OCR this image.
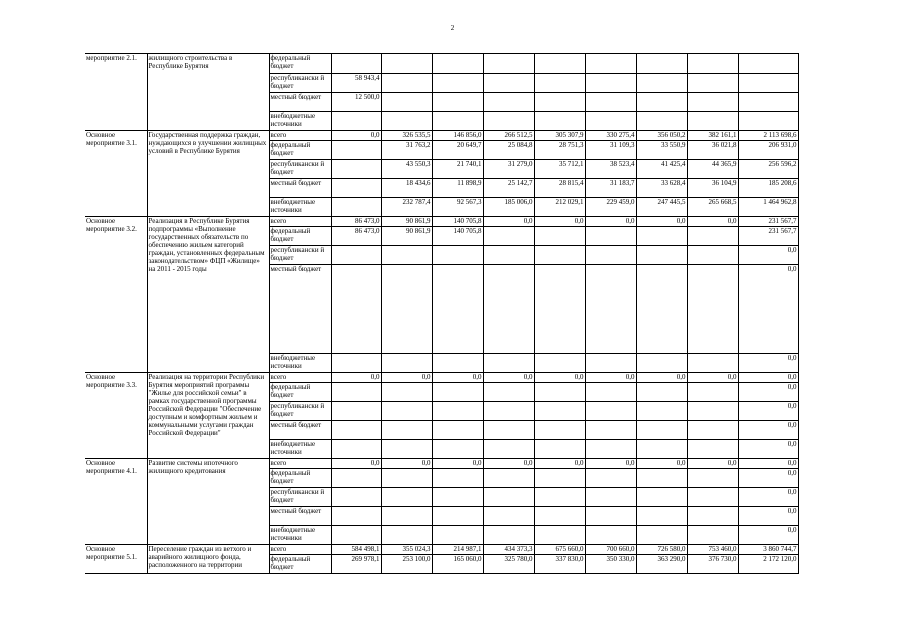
2
мероприятие 2.1.	жилищного строительства в Республике Бурятия	федеральный бюджет									
		республикански й бюджет	58 943,4								
		местный бюджет	12 500,0								
		внебюджетные источники									
Основное мероприятие 3.1.	Государственная поддержка граждан, нуждающихся в улучшении жилищных условий в Республике Бурятия	всего	0,0	326 535,5	146 856,0	266 512,5	305 307,9	330 275,4	356 050,2	382 161,1	2 113 698,6
		федеральный бюджет		31 763,2	20 649,7	25 084,8	28 751,3	31 109,3	33 550,9	36 021,8	206 931,0
		республикански й бюджет		43 550,3	21 740,1	31 279,0	35 712,1	38 523,4	41 425,4	44 365,9	256 596,2
		местный бюджет		18 434,6	11 898,9	25 142,7	28 815,4	31 183,7	33 628,4	36 104,9	185 208,6
		внебюджетные источники		232 787,4	92 567,3	185 006,0	212 029,1	229 459,0	247 445,5	265 668,5	1 464 962,8
Основное мероприятие 3.2.	Реализация в Республике Бурятия подпрограммы «Выполнение государственных обязательств по обеспечению жильем категорий граждан, установленных федеральным законодательством» ФЦП «Жилище» на 2011 - 2015 годы	всего	86 473,0	90 861,9	140 705,8	0,0	0,0	0,0	0,0	0,0	231 567,7
		федеральный бюджет	86 473,0	90 861,9	140 705,8						231 567,7
		республикански й бюджет									0,0
		местный бюджет									0,0
		внебюджетные источники									0,0
Основное мероприятие 3.3.	Реализация на территории Республики Бурятия мероприятий программы "Жилье для российской семьи" в рамках государственной программы Российской Федерации "Обеспечение доступным и комфортным жильем и коммунальными услугами граждан Российской Федерации"	всего	0,0	0,0	0,0	0,0	0,0	0,0	0,0	0,0	0,0
		федеральный бюджет									0,0
		республикански й бюджет									0,0
		местный бюджет									0,0
		внебюджетные источники									0,0
Основное мероприятие 4.1.	Развитие системы ипотечного жилищного кредитования	всего	0,0	0,0	0,0	0,0	0,0	0,0	0,0	0,0	0,0
		федеральный бюджет									0,0
		республикански й бюджет									0,0
		местный бюджет									0,0
		внебюджетные источники									0,0
Основное мероприятие 5.1.	Переселение граждан из ветхого и аварийного жилищного фонда, расположенного на территории	всего	584 498,1	355 024,3	214 987,1	434 373,3	675 660,0	700 660,0	726 580,0	753 460,0	3 860 744,7
		федеральный бюджет	269 978,1	253 100,0	165 060,0	325 780,0	337 830,0	350 330,0	363 290,0	376 730,0	2 172 120,0
